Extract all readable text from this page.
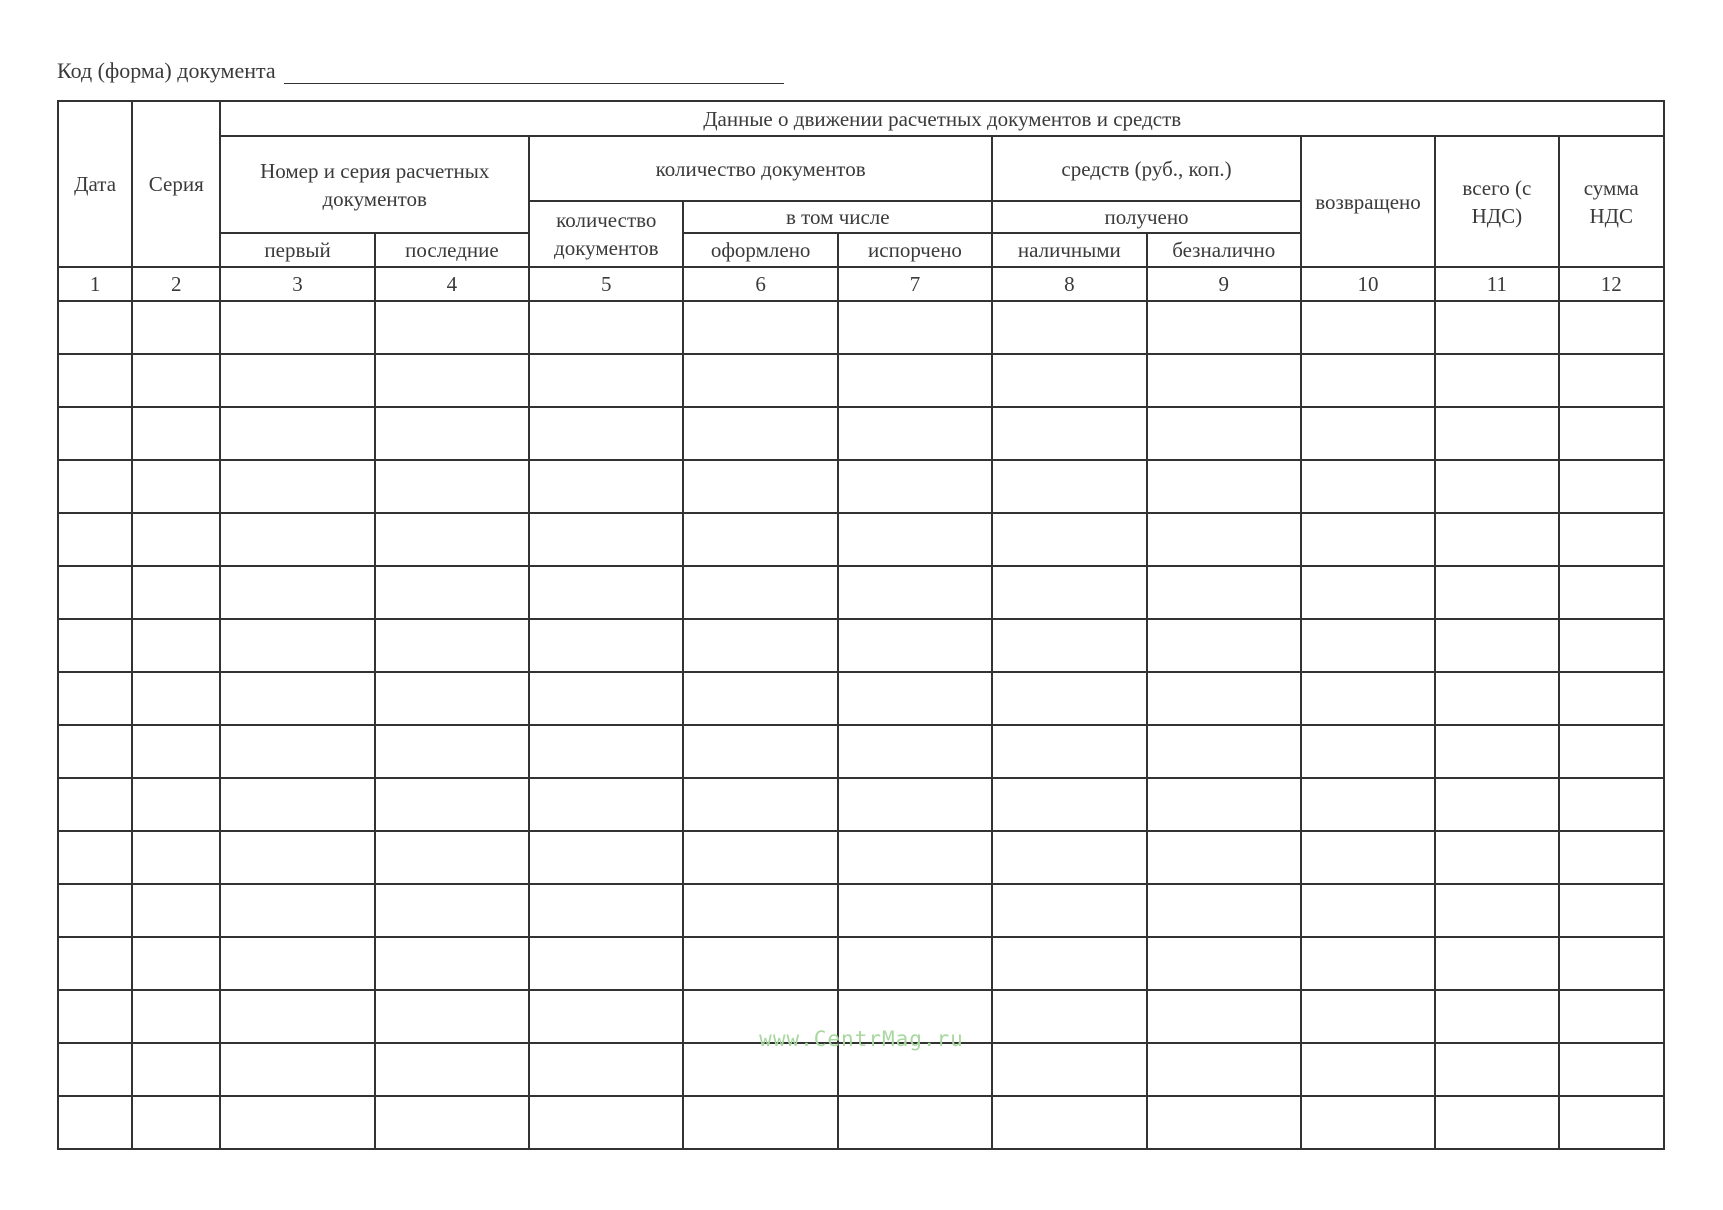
Код (форма) документа
Дата	Серия	Данные о движении расчетных документов и средств									
		Номер и серия расчетных документов		количество документов			средств (руб., коп.)		возвращено	всего (с НДС)	сумма НДС
				количество документов	в том числе		получено				
		первый	последние		оформлено	испорчено	наличными	безналично			
1	2	3	4	5	6	7	8	9	10	11	12

www.CentrMag.ru
